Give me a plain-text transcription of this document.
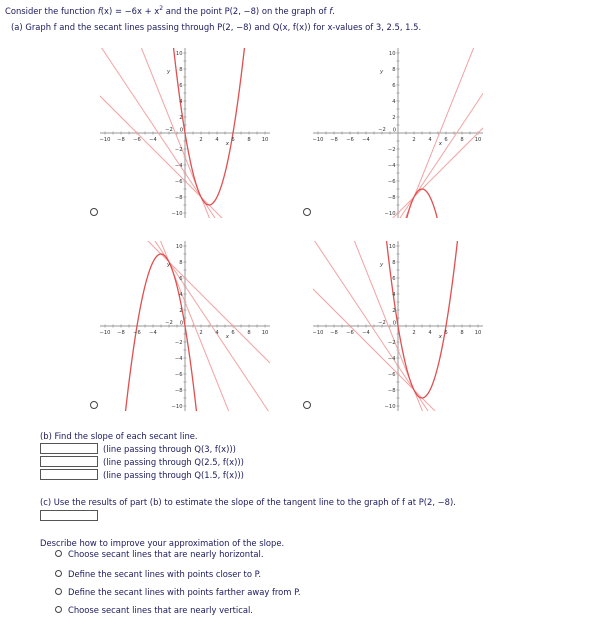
Consider the function $f(x) = -6x + x^2$ and the point P(2, −8) on the graph of f.
(a) Graph f and the secant lines passing through P(2, −8) and Q(x, f(x)) for x-values of 3, 2.5, 1.5.
−10 −8 −6 −4
−2
2 4 6 8 10
10
8
6
4
2
−2
−4
−6
−8
−10
0
y
x
−10 −8 −6 −4
−2
2 4 6 8 10
10
8
6
4
2
−2
−4
−6
−8
−10
0
y
x
−10 −8 −6 −4
−2
2 4 6 8 10
10
8
6
4
2
−2
−4
−6
−8
−10
0
y
x
−10 −8 −6 −4
−2
2 4 6 8 10
10
8
6
4
2
−2
−4
−6
−8
−10
0
y
x
(b) Find the slope of each secant line.
(line passing through Q(3, f(x)))
(line passing through Q(2.5, f(x)))
(line passing through Q(1.5, f(x)))
(c) Use the results of part (b) to estimate the slope of the tangent line to the graph of f at P(2, −8).
Describe how to improve your approximation of the slope.
Choose secant lines that are nearly horizontal.
Define the secant lines with points closer to P.
Define the secant lines with points farther away from P.
Choose secant lines that are nearly vertical.
